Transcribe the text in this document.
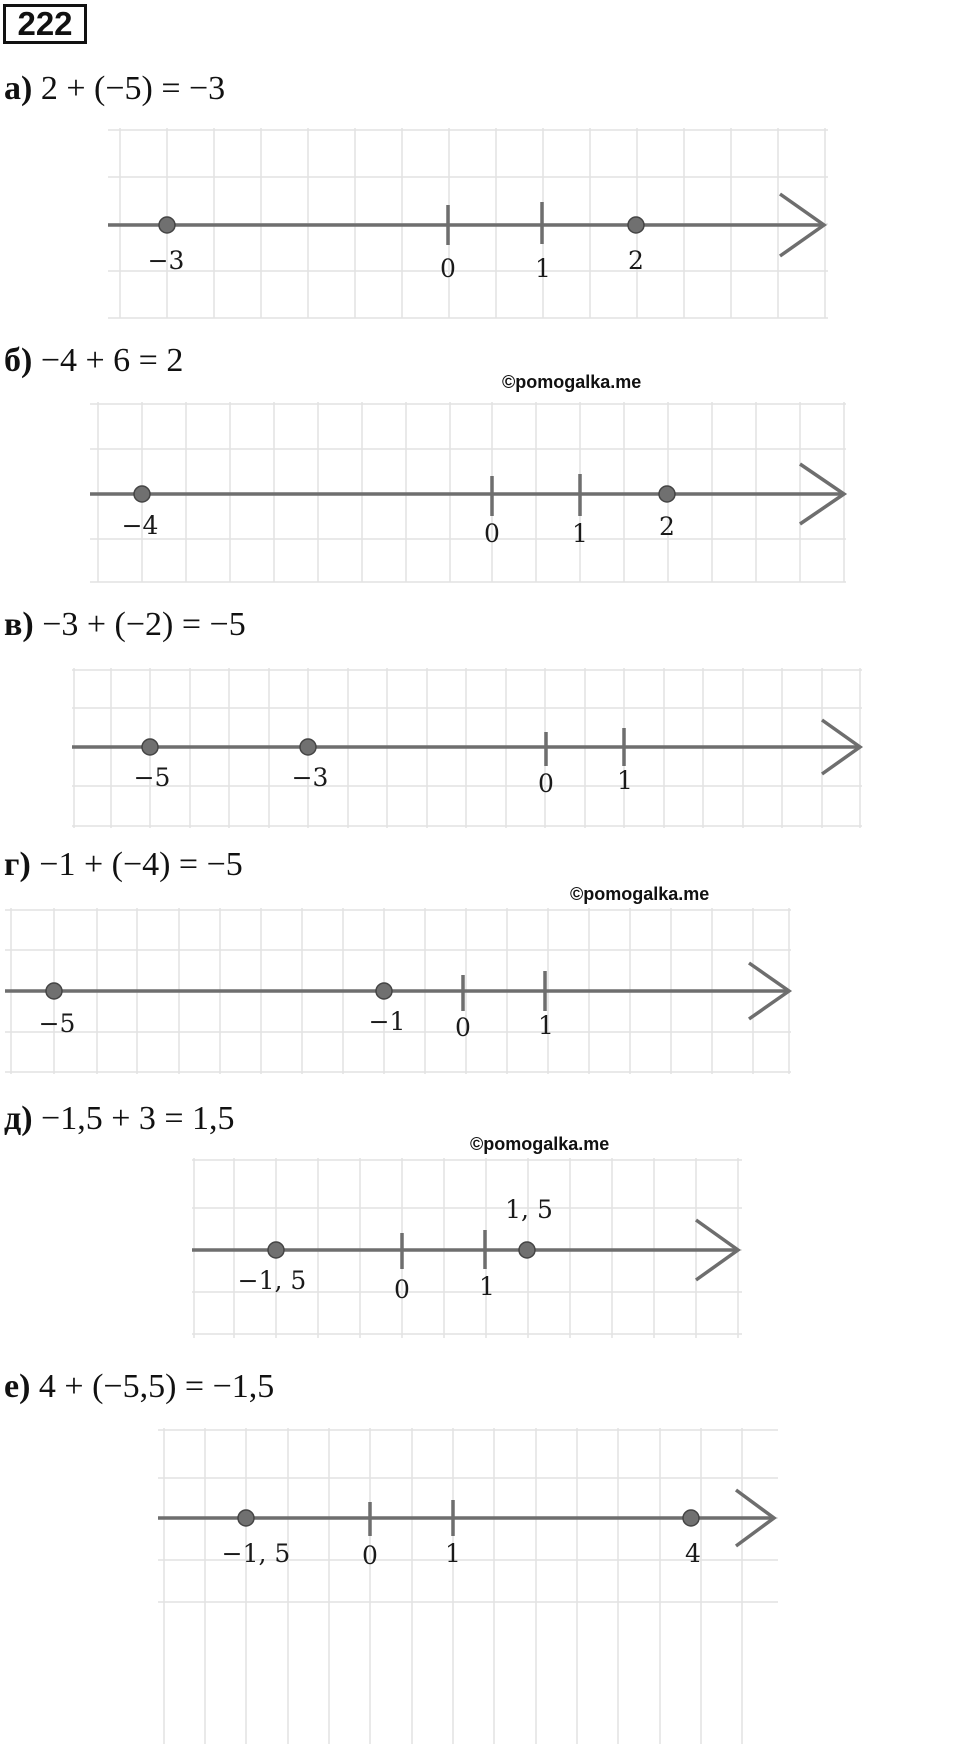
222
а) 2 + (−5) = −3
−3	0	1	2
б) −4 + 6 = 2
©pomogalka.me
−4	0	1	2
в) −3 + (−2) = −5
−5	−3	0	1
г) −1 + (−4) = −5
©pomogalka.me
−5	−1 0	1
д) −1,5 + 3 = 1,5
©pomogalka.me
1, 5
−1, 5	0	1
е) 4 + (−5,5) = −1,5
−1, 5	0	1	4
